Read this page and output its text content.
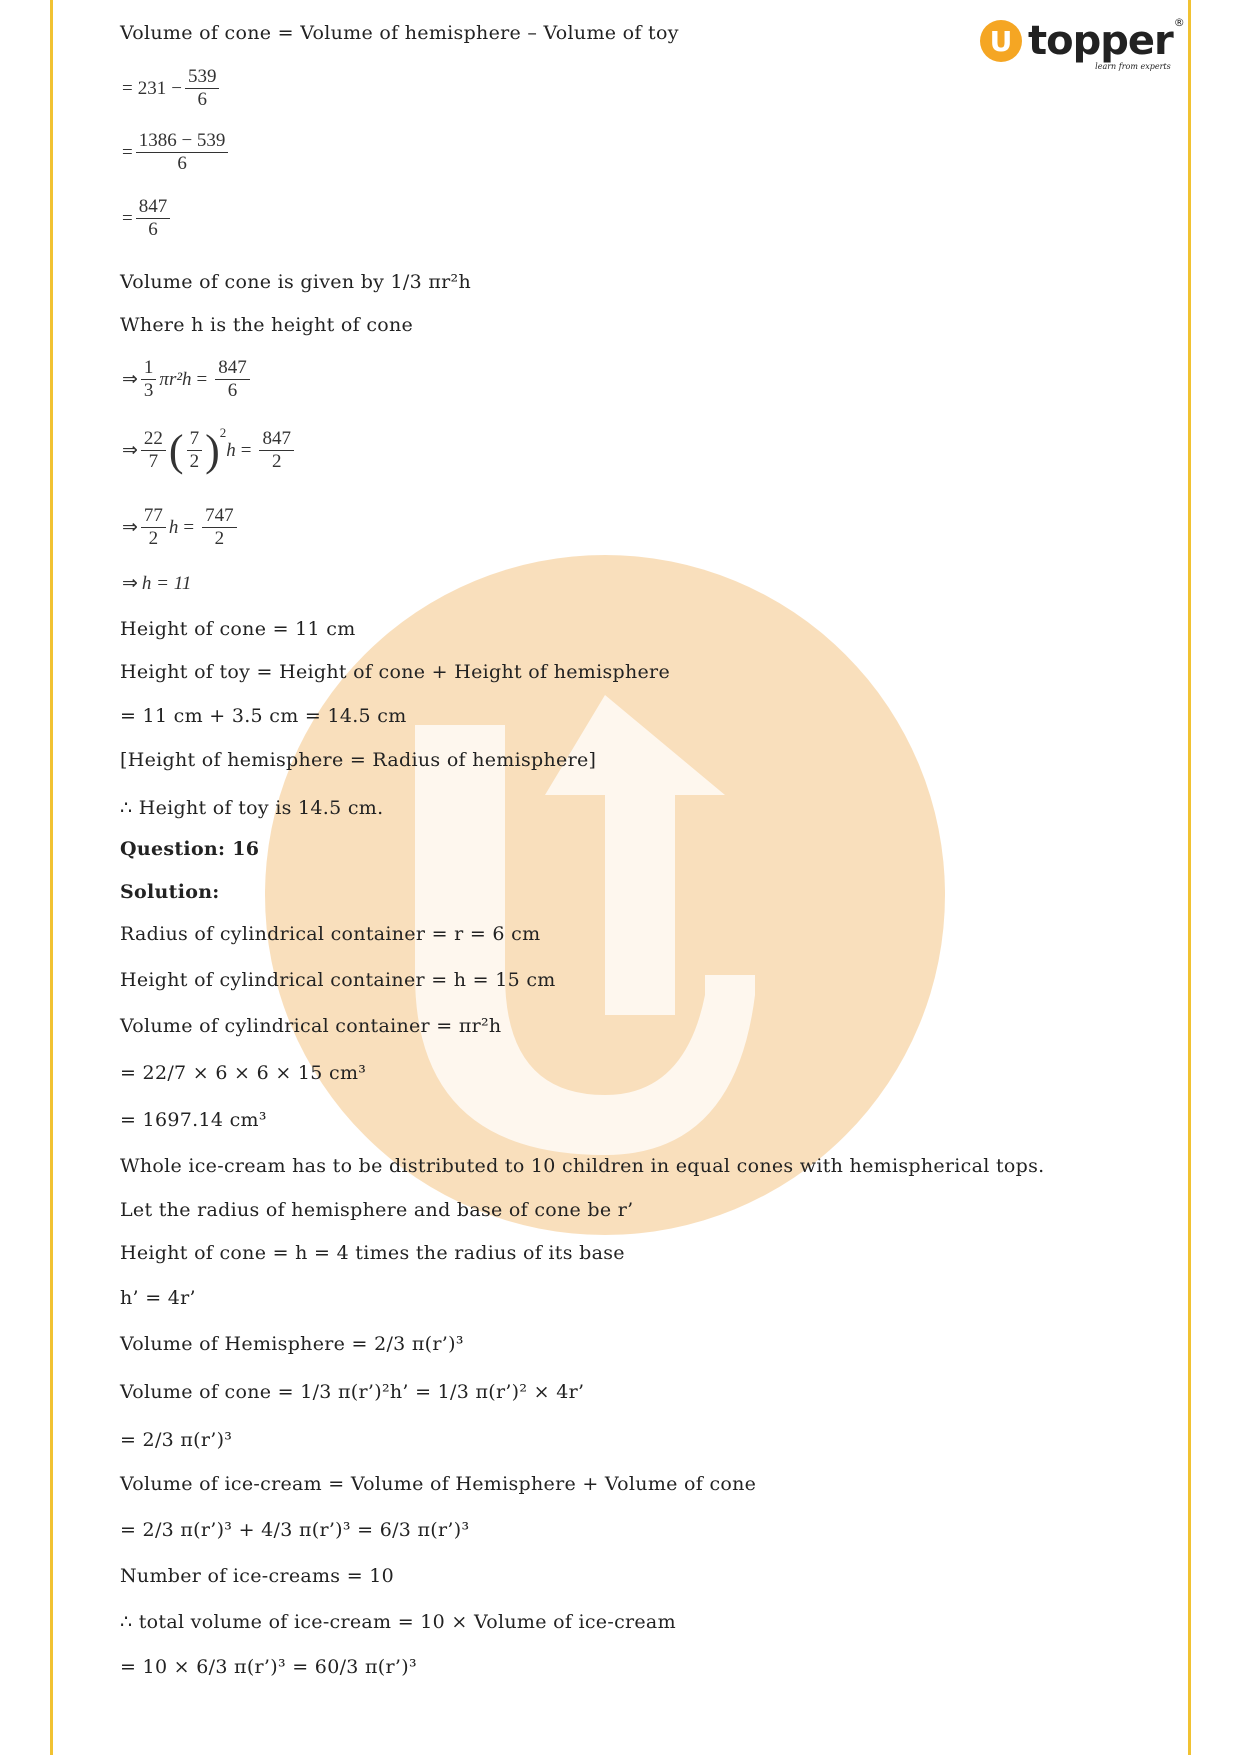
U topper ®
learn from experts
Volume of cone = Volume of hemisphere – Volume of toy
= $231 - \frac{539}{6}$
= $\frac{1386 - 539}{6}$
= $\frac{847}{6}$
Volume of cone is given by 1/3 πr²h
Where h is the height of cone
⇒ $\frac{1}{3} \pi r^2h = \frac{847}{6}$
⇒ $\frac{22}{7}$ ( $\frac{7}{2}$ ) 2
$h = \frac{847}{2}$
⇒ $\frac{77}{2}$ $h = \frac{747}{2}$
⇒ h = 11
Height of cone = 11 cm
Height of toy = Height of cone + Height of hemisphere
= 11 cm + 3.5 cm = 14.5 cm
[Height of hemisphere = Radius of hemisphere]
∴ Height of toy is 14.5 cm.
Question: 16
Solution:
Radius of cylindrical container = r = 6 cm
Height of cylindrical container = h = 15 cm
Volume of cylindrical container = πr²h
= 22/7 × 6 × 6 × 15 cm³
= 1697.14 cm³
Whole ice-cream has to be distributed to 10 children in equal cones with hemispherical tops.
Let the radius of hemisphere and base of cone be r’
Height of cone = h = 4 times the radius of its base
h’ = 4r’
Volume of Hemisphere = 2/3 π(r’)³
Volume of cone = 1/3 π(r’)²h’ = 1/3 π(r’)² × 4r’
= 2/3 π(r’)³
Volume of ice-cream = Volume of Hemisphere + Volume of cone
= 2/3 π(r’)³ + 4/3 π(r’)³ = 6/3 π(r’)³
Number of ice-creams = 10
∴ total volume of ice-cream = 10 × Volume of ice-cream
= 10 × 6/3 π(r’)³ = 60/3 π(r’)³
